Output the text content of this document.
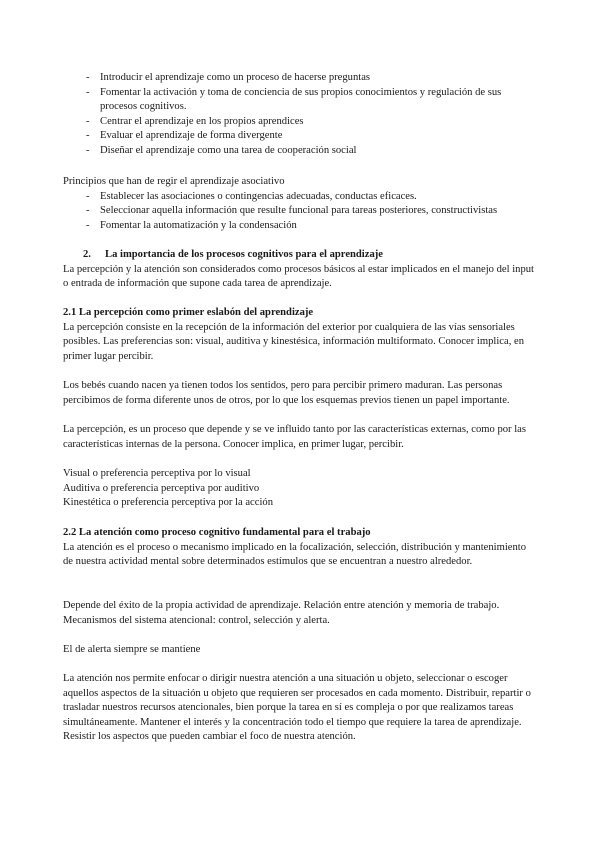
- Introducir el aprendizaje como un proceso de hacerse preguntas
- Fomentar la activación y toma de conciencia de sus propios conocimientos y regulación de sus procesos cognitivos.
- Centrar el aprendizaje en los propios aprendices
- Evaluar el aprendizaje de forma divergente
- Diseñar el aprendizaje como una tarea de cooperación social

Principios que han de regir el aprendizaje asociativo

- Establecer las asociaciones o contingencias adecuadas, conductas eficaces.
- Seleccionar aquella información que resulte funcional para tareas posteriores, constructivistas
- Fomentar la automatización y la condensación

2. La importancia de los procesos cognitivos para el aprendizaje

La percepción y la atención son considerados como procesos básicos al estar implicados en el manejo del input o entrada de información que supone cada tarea de aprendizaje.

2.1 La percepción como primer eslabón del aprendizaje

La percepción consiste en la recepción de la información del exterior por cualquiera de las vías sensoriales posibles. Las preferencias son: visual, auditiva y kinestésica, información multiformato. Conocer implica, en primer lugar percibir.

Los bebés cuando nacen ya tienen todos los sentidos, pero para percibir primero maduran. Las personas percibimos de forma diferente unos de otros, por lo que los esquemas previos tienen un papel importante.

La percepción, es un proceso que depende y se ve influido tanto por las características externas, como por las características internas de la persona. Conocer implica, en primer lugar, percibir.

Visual o preferencia perceptiva por lo visual

Auditiva o preferencia perceptiva por auditivo

Kinestética o preferencia perceptiva por la acción

2.2 La atención como proceso cognitivo fundamental para el trabajo

La atención es el proceso o mecanismo implicado en la focalización, selección, distribución y mantenimiento de nuestra actividad mental sobre determinados estímulos que se encuentran a nuestro alrededor.

Depende del éxito de la propia actividad de aprendizaje. Relación entre atención y memoria de trabajo. Mecanismos del sistema atencional: control, selección y alerta.

El de alerta siempre se mantiene

La atención nos permite enfocar o dirigir nuestra atención a una situación u objeto, seleccionar o escoger aquellos aspectos de la situación u objeto que requieren ser procesados en cada momento. Distribuir, repartir o trasladar nuestros recursos atencionales, bien porque la tarea en sí es compleja o por que realizamos tareas simultáneamente. Mantener el interés y la concentración todo el tiempo que requiere la tarea de aprendizaje. Resistir los aspectos que pueden cambiar el foco de nuestra atención.
